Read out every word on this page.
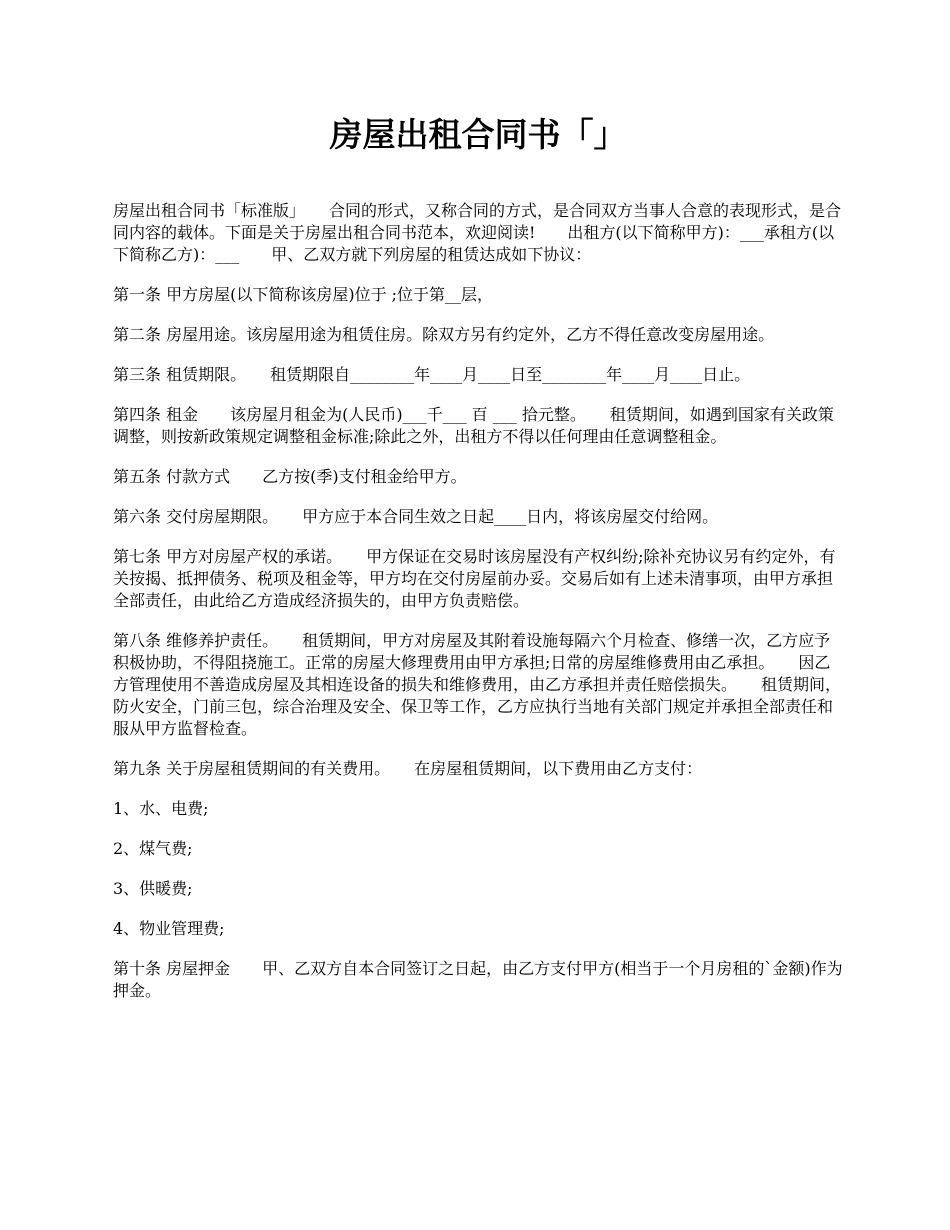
房屋出租合同书「」

房屋出租合同书「标准版」　　合同的形式，又称合同的方式，是合同双方当事人合意的表现形式，是合同内容的载体。下面是关于房屋出租合同书范本，欢迎阅读!　　出租方(以下简称甲方)：___承租方(以下简称乙方)：___　　甲、乙双方就下列房屋的租赁达成如下协议：

第一条 甲方房屋(以下简称该房屋)位于 ;位于第__层，

第二条 房屋用途。该房屋用途为租赁住房。除双方另有约定外，乙方不得任意改变房屋用途。

第三条 租赁期限。　　租赁期限自________年____月____日至________年____月____日止。

第四条 租金　　该房屋月租金为(人民币)___千___ 百 ___ 拾元整。　　租赁期间，如遇到国家有关政策调整，则按新政策规定调整租金标准;除此之外，出租方不得以任何理由任意调整租金。

第五条 付款方式　　乙方按(季)支付租金给甲方。

第六条 交付房屋期限。　　甲方应于本合同生效之日起____日内，将该房屋交付给网。

第七条 甲方对房屋产权的承诺。　　甲方保证在交易时该房屋没有产权纠纷;除补充协议另有约定外，有关按揭、抵押债务、税项及租金等，甲方均在交付房屋前办妥。交易后如有上述未清事项，由甲方承担全部责任，由此给乙方造成经济损失的，由甲方负责赔偿。

第八条 维修养护责任。　　租赁期间，甲方对房屋及其附着设施每隔六个月检查、修缮一次，乙方应予积极协助，不得阻挠施工。正常的房屋大修理费用由甲方承担;日常的房屋维修费用由乙承担。　　因乙方管理使用不善造成房屋及其相连设备的损失和维修费用，由乙方承担并责任赔偿损失。　　租赁期间，防火安全，门前三包，综合治理及安全、保卫等工作，乙方应执行当地有关部门规定并承担全部责任和服从甲方监督检查。

第九条 关于房屋租赁期间的有关费用。　　在房屋租赁期间，以下费用由乙方支付：

1、水、电费;

2、煤气费;

3、供暖费;

4、物业管理费;

第十条 房屋押金　　甲、乙双方自本合同签订之日起，由乙方支付甲方(相当于一个月房租的`金额)作为押金。
